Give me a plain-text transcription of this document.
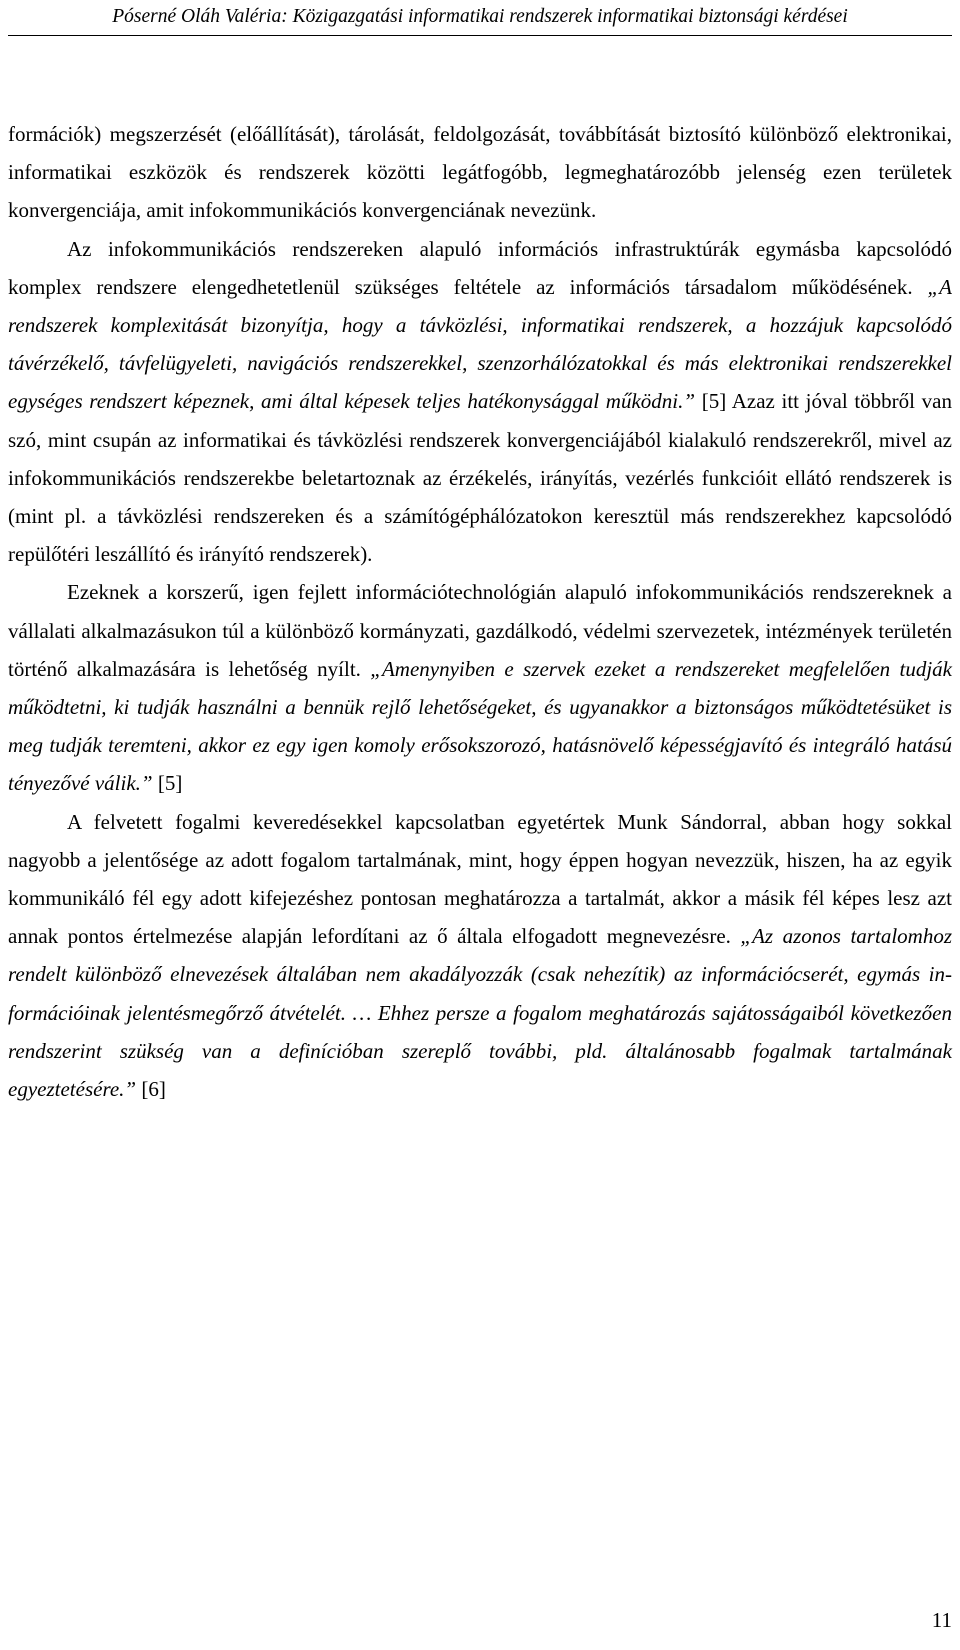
Póserné Oláh Valéria: Közigazgatási informatikai rendszerek informatikai biztonsági kérdései

formációk) megszerzését (előállítását), tárolását, feldolgozását, továbbítását biztosító különböző elektronikai, informatikai eszközök és rendszerek közötti legátfogóbb, legmeghatározóbb jelenség ezen területek konvergenciája, amit infokommunikációs konvergenciának nevezünk.

Az infokommunikációs rendszereken alapuló információs infrastruktúrák egymásba kapcsolódó komplex rendszere elengedhetetlenül szükséges feltétele az információs társadalom működésének. „A rendszerek komplexitását bizonyítja, hogy a távközlési, informatikai rendszerek, a hozzájuk kapcsolódó távérzékelő, távfelügyeleti, navigációs rendszerekkel, szenzorhálózatokkal és más elektronikai rendszerekkel egységes rendszert képeznek, ami által képesek teljes hatékonysággal működni.” [5] Azaz itt jóval többről van szó, mint csupán az informatikai és távközlési rendszerek konvergenciájából kialakuló rendszerekről, mivel az infokommunikációs rendszerekbe beletartoznak az érzékelés, irányítás, vezérlés funkcióit ellátó rendszerek is (mint pl. a távközlési rendszereken és a számítógéphálózatokon keresztül más rendszerekhez kapcsolódó repülőtéri leszállító és irányító rendszerek).

Ezeknek a korszerű, igen fejlett információtechnológián alapuló infokommunikációs rendszereknek a vállalati alkalmazásukon túl a különböző kormányzati, gazdálkodó, védelmi szervezetek, intézmények területén történő alkalmazására is lehetőség nyílt. „Amenynyiben e szervek ezeket a rendszereket megfelelően tudják működtetni, ki tudják használni a bennük rejlő lehetőségeket, és ugyanakkor a biztonságos működtetésüket is meg tudják teremteni, akkor ez egy igen komoly erősokszorozó, hatásnövelő képességjavító és integráló hatású tényezővé válik.” [5]

A felvetett fogalmi keveredésekkel kapcsolatban egyetértek Munk Sándorral, abban hogy sokkal nagyobb a jelentősége az adott fogalom tartalmának, mint, hogy éppen hogyan nevezzük, hiszen, ha az egyik kommunikáló fél egy adott kifejezéshez pontosan meghatározza a tartalmát, akkor a másik fél képes lesz azt annak pontos értelmezése alapján lefordítani az ő általa elfogadott megnevezésre. „Az azonos tartalomhoz rendelt különböző elnevezések általában nem akadályozzák (csak nehezítik) az információcserét, egymás információinak jelentésmegőrző átvételét. … Ehhez persze a fogalom meghatározás sajátosságaiból következően rendszerint szükség van a definícióban szereplő további, pld. általánosabb fogalmak tartalmának egyeztetésére.” [6]

11
